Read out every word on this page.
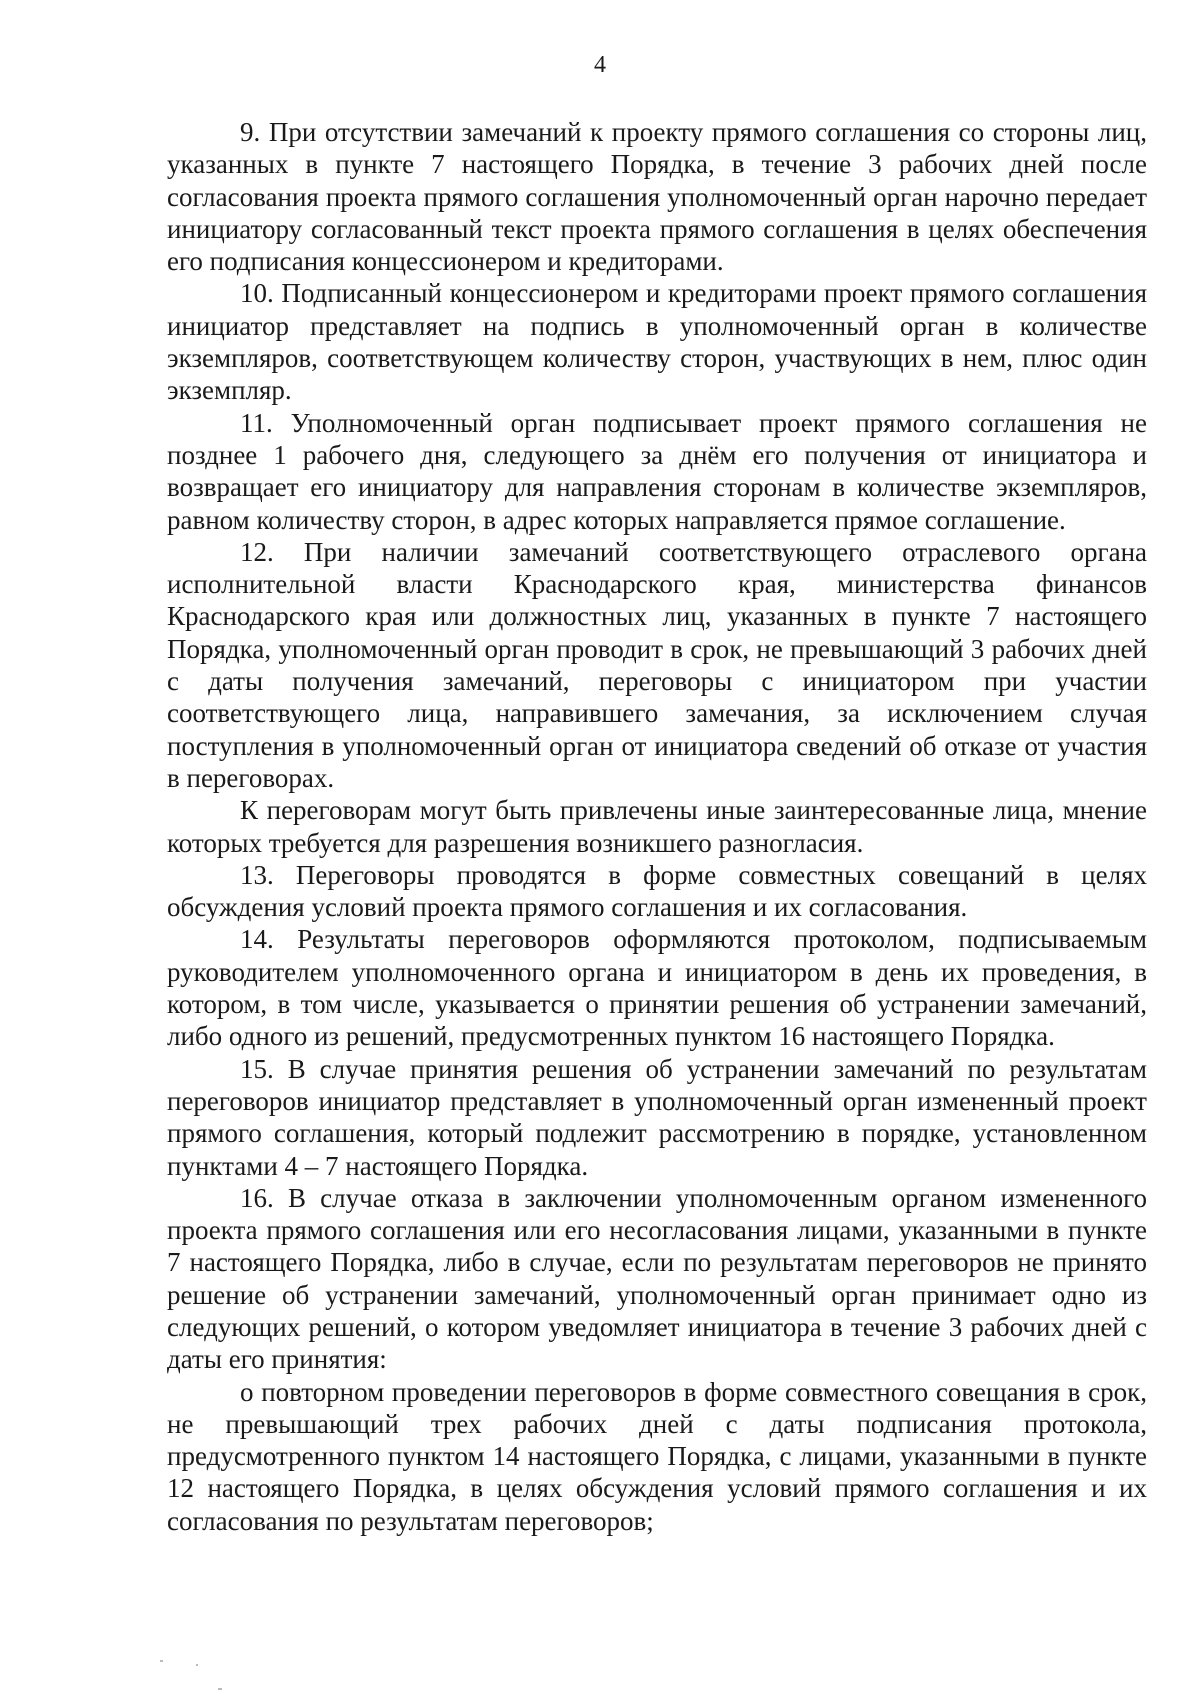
4

9. При отсутствии замечаний к проекту прямого соглашения со стороны лиц, указанных в пункте 7 настоящего Порядка, в течение 3 рабочих дней после согласования проекта прямого соглашения уполномоченный орган нарочно передает инициатору согласованный текст проекта прямого соглашения в целях обеспечения его подписания концессионером и кредиторами.

10. Подписанный концессионером и кредиторами проект прямого соглашения инициатор представляет на подпись в уполномоченный орган в количестве экземпляров, соответствующем количеству сторон, участвующих в нем, плюс один экземпляр.

11. Уполномоченный орган подписывает проект прямого соглашения не позднее 1 рабочего дня, следующего за днём его получения от инициатора и возвращает его инициатору для направления сторонам в количестве экземпляров, равном количеству сторон, в адрес которых направляется прямое соглашение.

12. При наличии замечаний соответствующего отраслевого органа исполнительной власти Краснодарского края, министерства финансов Краснодарского края или должностных лиц, указанных в пункте 7 настоящего Порядка, уполномоченный орган проводит в срок, не превышающий 3 рабочих дней с даты получения замечаний, переговоры с инициатором при участии соответствующего лица, направившего замечания, за исключением случая поступления в уполномоченный орган от инициатора сведений об отказе от участия в переговорах.

К переговорам могут быть привлечены иные заинтересованные лица, мнение которых требуется для разрешения возникшего разногласия.

13. Переговоры проводятся в форме совместных совещаний в целях обсуждения условий проекта прямого соглашения и их согласования.

14. Результаты переговоров оформляются протоколом, подписываемым руководителем уполномоченного органа и инициатором в день их проведения, в котором, в том числе, указывается о принятии решения об устранении замечаний, либо одного из решений, предусмотренных пунктом 16 настоящего Порядка.

15. В случае принятия решения об устранении замечаний по результатам переговоров инициатор представляет в уполномоченный орган измененный проект прямого соглашения, который подлежит рассмотрению в порядке, установленном пунктами 4 – 7 настоящего Порядка.

16. В случае отказа в заключении уполномоченным органом измененного проекта прямого соглашения или его несогласования лицами, указанными в пункте 7 настоящего Порядка, либо в случае, если по результатам переговоров не принято решение об устранении замечаний, уполномоченный орган принимает одно из следующих решений, о котором уведомляет инициатора в течение 3 рабочих дней с даты его принятия:

о повторном проведении переговоров в форме совместного совещания в срок, не превышающий трех рабочих дней с даты подписания протокола, предусмотренного пунктом 14 настоящего Порядка, с лицами, указанными в пункте 12 настоящего Порядка, в целях обсуждения условий прямого соглашения и их согласования по результатам переговоров;
